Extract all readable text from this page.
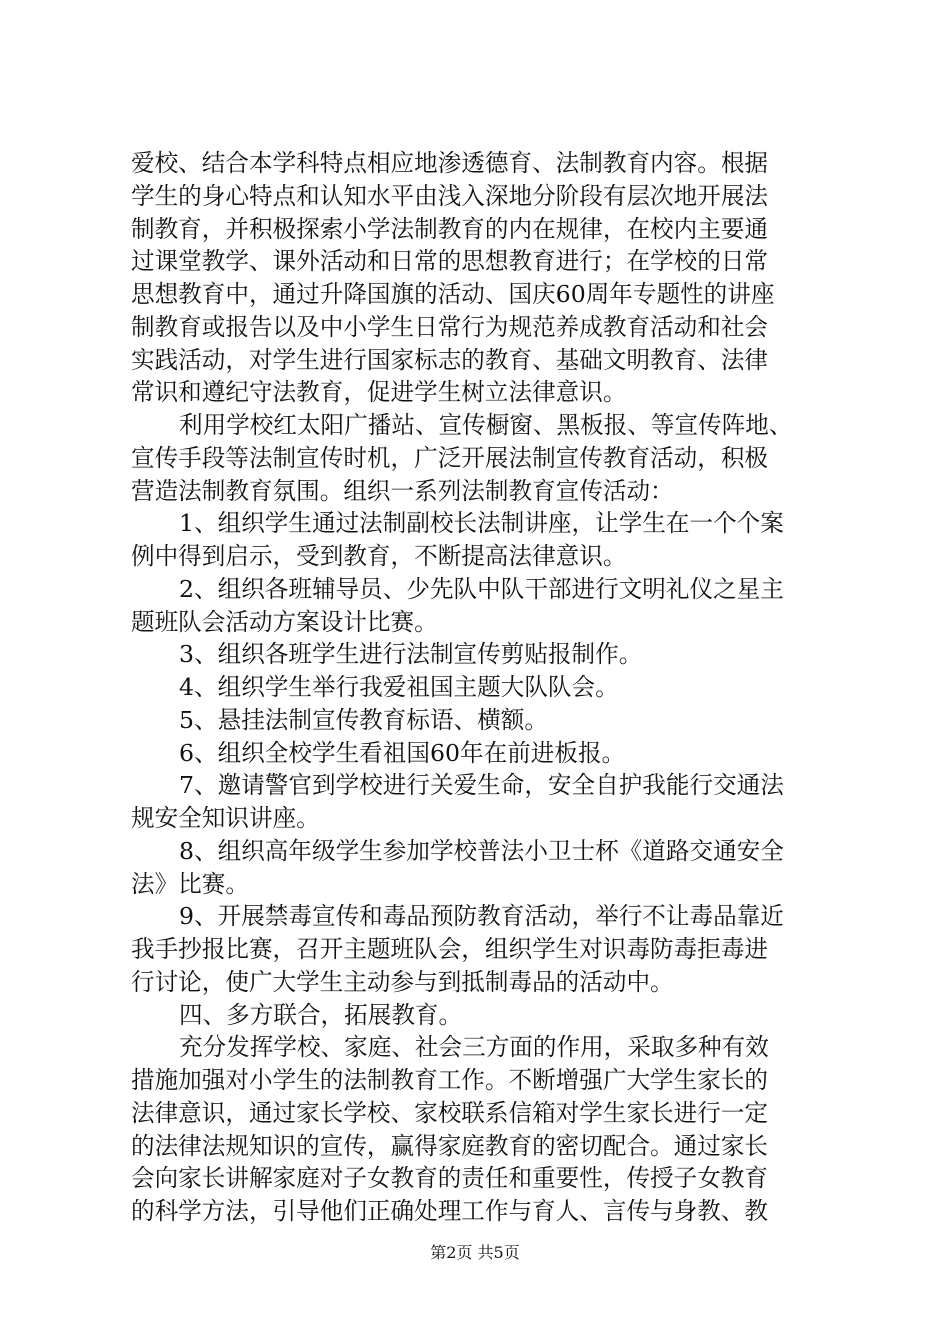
爱校、结合本学科特点相应地渗透德育、法制教育内容。根据
学生的身心特点和认知水平由浅入深地分阶段有层次地开展法
制教育，并积极探索小学法制教育的内在规律，在校内主要通
过课堂教学、课外活动和日常的思想教育进行；在学校的日常
思想教育中，通过升降国旗的活动、国庆60周年专题性的讲座
制教育或报告以及中小学生日常行为规范养成教育活动和社会
实践活动，对学生进行国家标志的教育、基础文明教育、法律
常识和遵纪守法教育，促进学生树立法律意识。
利用学校红太阳广播站、宣传橱窗、黑板报、等宣传阵地、
宣传手段等法制宣传时机，广泛开展法制宣传教育活动，积极
营造法制教育氛围。组织一系列法制教育宣传活动：
1、组织学生通过法制副校长法制讲座，让学生在一个个案
例中得到启示，受到教育，不断提高法律意识。
2、组织各班辅导员、少先队中队干部进行文明礼仪之星主
题班队会活动方案设计比赛。
3、组织各班学生进行法制宣传剪贴报制作。
4、组织学生举行我爱祖国主题大队队会。
5、悬挂法制宣传教育标语、横额。
6、组织全校学生看祖国60年在前进板报。
7、邀请警官到学校进行关爱生命，安全自护我能行交通法
规安全知识讲座。
8、组织高年级学生参加学校普法小卫士杯《道路交通安全
法》比赛。
9、开展禁毒宣传和毒品预防教育活动，举行不让毒品靠近
我手抄报比赛，召开主题班队会，组织学生对识毒防毒拒毒进
行讨论，使广大学生主动参与到抵制毒品的活动中。
四、多方联合，拓展教育。
充分发挥学校、家庭、社会三方面的作用，采取多种有效
措施加强对小学生的法制教育工作。不断增强广大学生家长的
法律意识，通过家长学校、家校联系信箱对学生家长进行一定
的法律法规知识的宣传，赢得家庭教育的密切配合。通过家长
会向家长讲解家庭对子女教育的责任和重要性，传授子女教育
的科学方法，引导他们正确处理工作与育人、言传与身教、教
第2页 共5页
